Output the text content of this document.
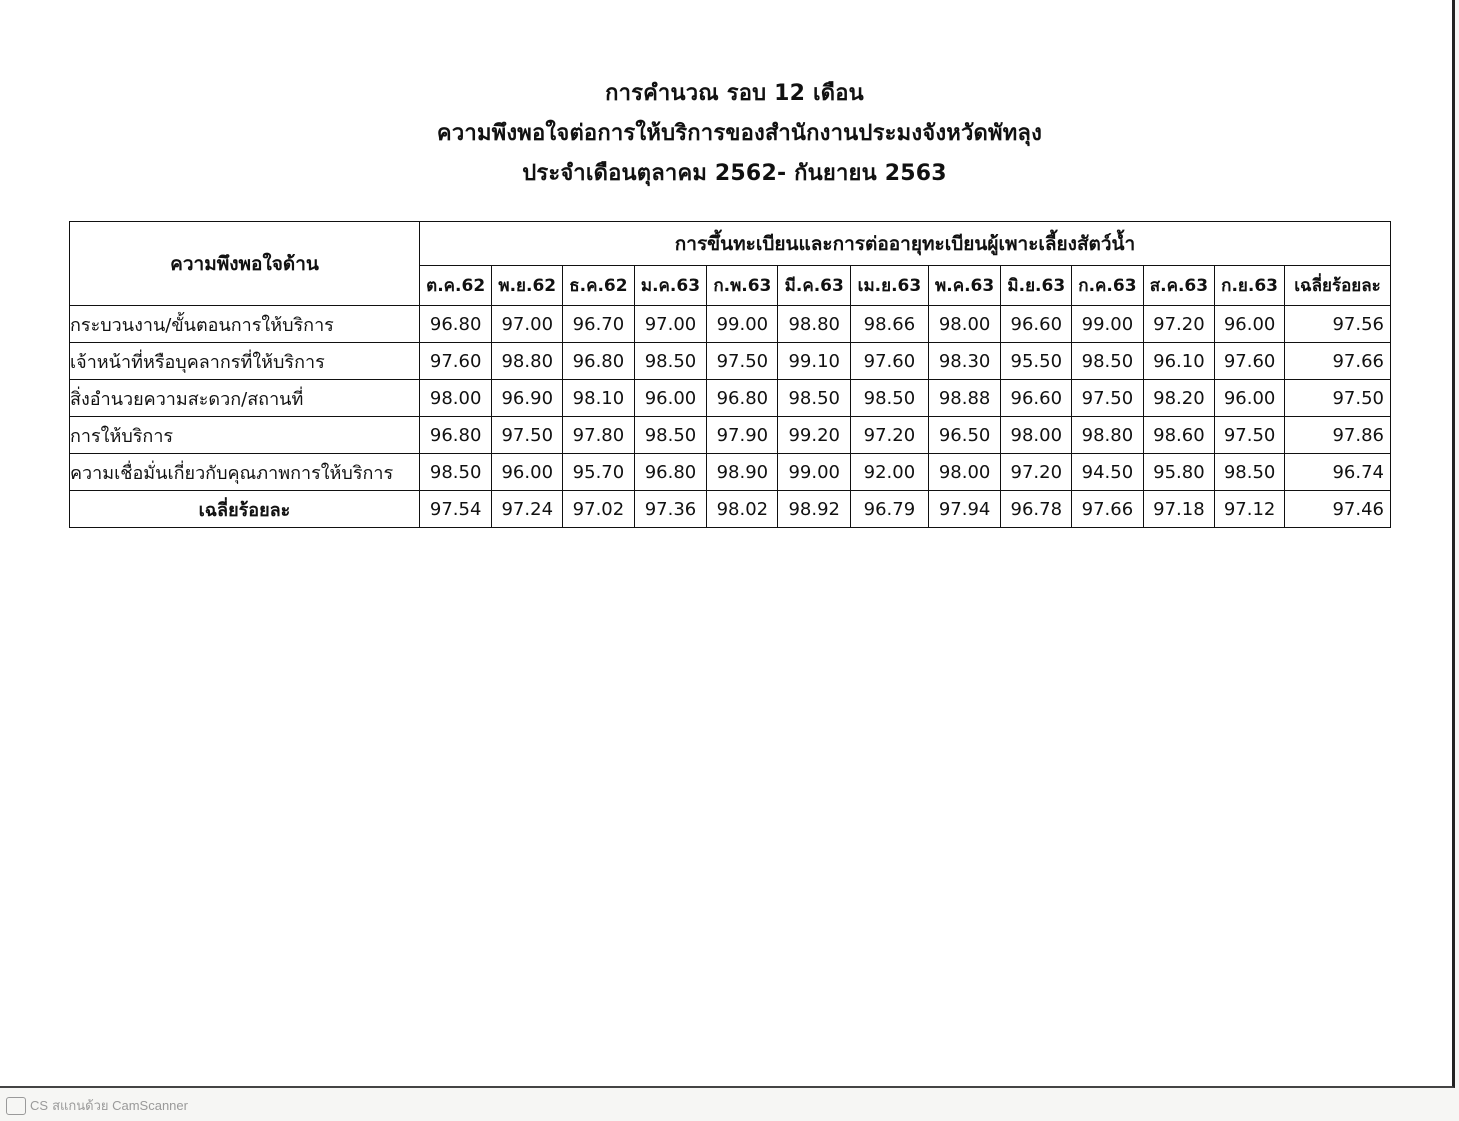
การคำนวณ รอบ 12 เดือน
ความพึงพอใจต่อการให้บริการของสำนักงานประมงจังหวัดพัทลุง
ประจำเดือนตุลาคม 2562- กันยายน 2563
ความพึงพอใจด้าน	การขึ้นทะเบียนและการต่ออายุทะเบียนผู้เพาะเลี้ยงสัตว์น้ำ												
	ต.ค.62	พ.ย.62	ธ.ค.62	ม.ค.63	ก.พ.63	มี.ค.63	เม.ย.63	พ.ค.63	มิ.ย.63	ก.ค.63	ส.ค.63	ก.ย.63	เฉลี่ยร้อยละ
กระบวนงาน/ขั้นตอนการให้บริการ	96.80	97.00	96.70	97.00	99.00	98.80	98.66	98.00	96.60	99.00	97.20	96.00	97.56
เจ้าหน้าที่หรือบุคลากรที่ให้บริการ	97.60	98.80	96.80	98.50	97.50	99.10	97.60	98.30	95.50	98.50	96.10	97.60	97.66
สิ่งอำนวยความสะดวก/สถานที่	98.00	96.90	98.10	96.00	96.80	98.50	98.50	98.88	96.60	97.50	98.20	96.00	97.50
การให้บริการ	96.80	97.50	97.80	98.50	97.90	99.20	97.20	96.50	98.00	98.80	98.60	97.50	97.86
ความเชื่อมั่นเกี่ยวกับคุณภาพการให้บริการ	98.50	96.00	95.70	96.80	98.90	99.00	92.00	98.00	97.20	94.50	95.80	98.50	96.74
เฉลี่ยร้อยละ	97.54	97.24	97.02	97.36	98.02	98.92	96.79	97.94	96.78	97.66	97.18	97.12	97.46
CS สแกนด้วย CamScanner
